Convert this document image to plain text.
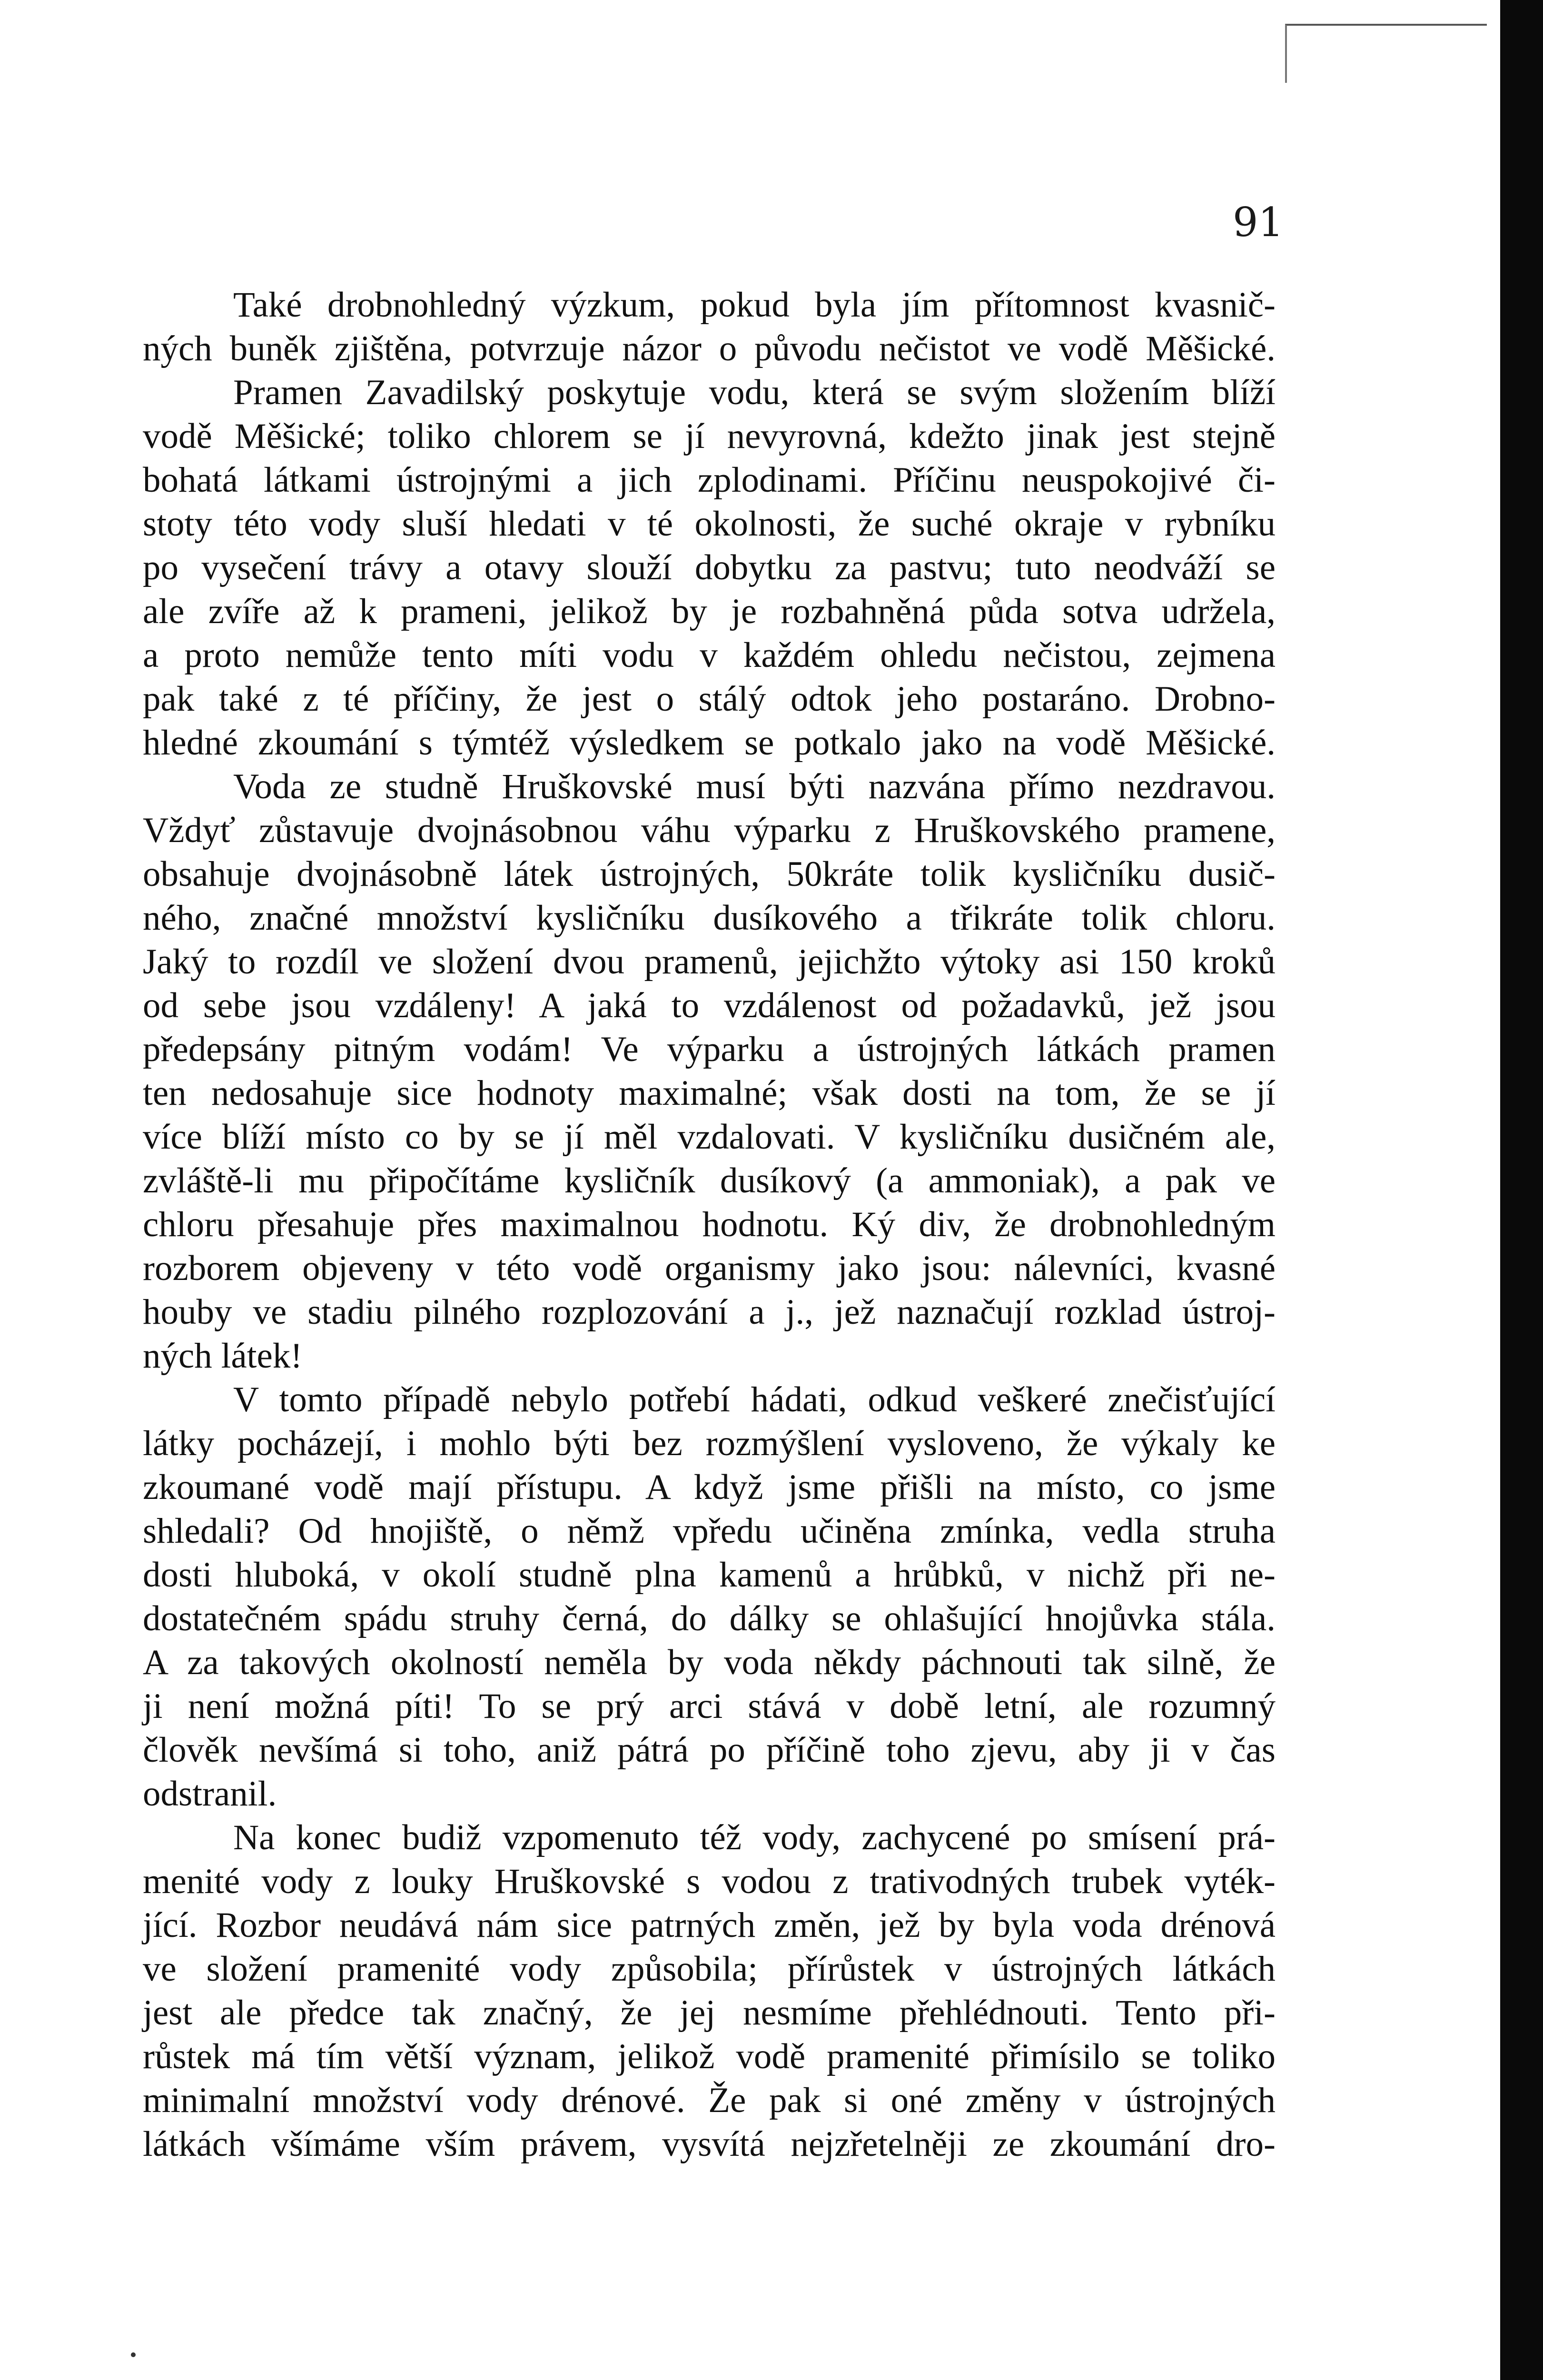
91
Také drobnohledný výzkum, pokud byla jím přítomnost kvasnič-
ných buněk zjištěna, potvrzuje názor o původu nečistot ve vodě Měšické.
Pramen Zavadilský poskytuje vodu, která se svým složením blíží
vodě Měšické; toliko chlorem se jí nevyrovná, kdežto jinak jest stejně
bohatá látkami ústrojnými a jich zplodinami. Příčinu neuspokojivé či-
stoty této vody sluší hledati v té okolnosti, že suché okraje v rybníku
po vysečení trávy a otavy slouží dobytku za pastvu; tuto neodváží se
ale zvíře až k prameni, jelikož by je rozbahněná půda sotva udržela,
a proto nemůže tento míti vodu v každém ohledu nečistou, zejmena
pak také z té příčiny, že jest o stálý odtok jeho postaráno. Drobno-
hledné zkoumání s týmtéž výsledkem se potkalo jako na vodě Měšické.
Voda ze studně Hruškovské musí býti nazvána přímo nezdravou.
Vždyť zůstavuje dvojnásobnou váhu výparku z Hruškovského pramene,
obsahuje dvojnásobně látek ústrojných, 50kráte tolik kysličníku dusič-
ného, značné množství kysličníku dusíkového a třikráte tolik chloru.
Jaký to rozdíl ve složení dvou pramenů, jejichžto výtoky asi 150 kroků
od sebe jsou vzdáleny! A jaká to vzdálenost od požadavků, jež jsou
předepsány pitným vodám! Ve výparku a ústrojných látkách pramen
ten nedosahuje sice hodnoty maximalné; však dosti na tom, že se jí
více blíží místo co by se jí měl vzdalovati. V kysličníku dusičném ale,
zvláště-li mu připočítáme kysličník dusíkový (a ammoniak), a pak ve
chloru přesahuje přes maximalnou hodnotu. Ký div, že drobnohledným
rozborem objeveny v této vodě organismy jako jsou: nálevníci, kvasné
houby ve stadiu pilného rozplozování a j., jež naznačují rozklad ústroj-
ných látek!
V tomto případě nebylo potřebí hádati, odkud veškeré znečisťující
látky pocházejí, i mohlo býti bez rozmýšlení vysloveno, že výkaly ke
zkoumané vodě mají přístupu. A když jsme přišli na místo, co jsme
shledali? Od hnojiště, o němž vpředu učiněna zmínka, vedla struha
dosti hluboká, v okolí studně plna kamenů a hrůbků, v nichž při ne-
dostatečném spádu struhy černá, do dálky se ohlašující hnojůvka stála.
A za takových okolností neměla by voda někdy páchnouti tak silně, že
ji není možná píti! To se prý arci stává v době letní, ale rozumný
člověk nevšímá si toho, aniž pátrá po příčině toho zjevu, aby ji v čas
odstranil.
Na konec budiž vzpomenuto též vody, zachycené po smísení prá-
menité vody z louky Hruškovské s vodou z trativodných trubek vyték-
jící. Rozbor neudává nám sice patrných změn, jež by byla voda drénová
ve složení pramenité vody způsobila; přírůstek v ústrojných látkách
jest ale předce tak značný, že jej nesmíme přehlédnouti. Tento při-
růstek má tím větší význam, jelikož vodě pramenité přimísilo se toliko
minimalní množství vody drénové. Že pak si oné změny v ústrojných
látkách všímáme vším právem, vysvítá nejzřetelněji ze zkoumání dro-
